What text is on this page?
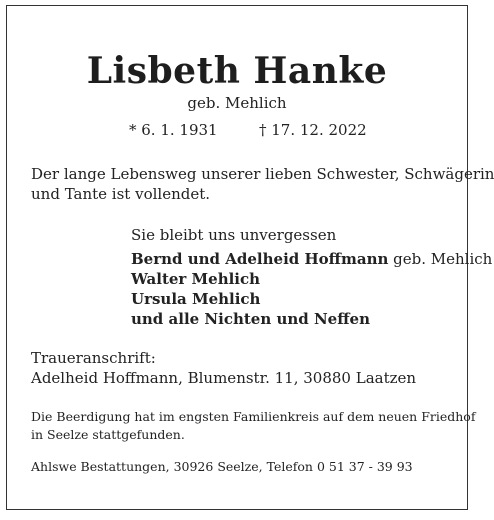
Lisbeth Hanke
geb. Mehlich
* 6. 1. 1931	† 17. 12. 2022
Der lange Lebensweg unserer lieben Schwester, Schwägerin
und Tante ist vollendet.
Sie bleibt uns unvergessen
Bernd und Adelheid Hoffmann geb. Mehlich
Walter Mehlich
Ursula Mehlich
und alle Nichten und Neffen
Traueranschrift:
Adelheid Hoffmann, Blumenstr. 11, 30880 Laatzen
Die Beerdigung hat im engsten Familienkreis auf dem neuen Friedhof
in Seelze stattgefunden.
Ahlswe Bestattungen, 30926 Seelze, Telefon 0 51 37 - 39 93
